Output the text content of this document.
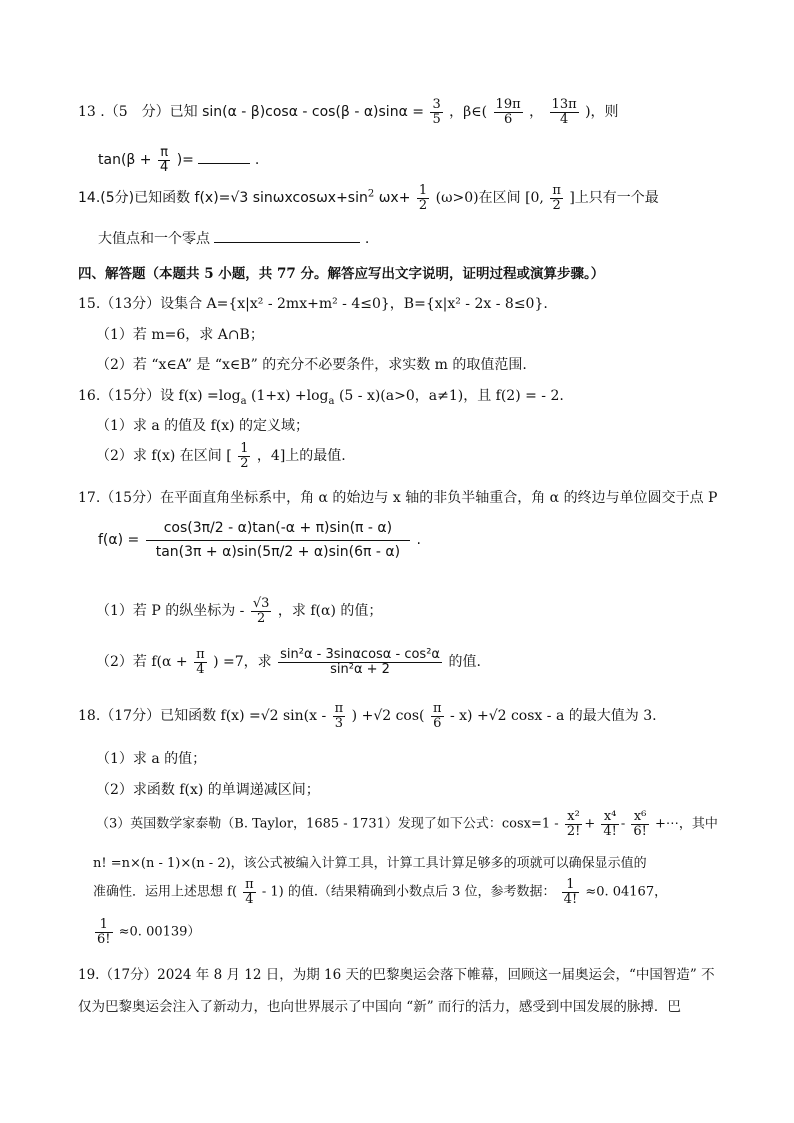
13 .（5　分）已知 $\sin(\alpha - \beta)\cos\alpha - \cos(\beta - \alpha)\sin\alpha = \frac{3}{5}$ ，β∈( $\frac{19\pi}{6}$ ， $\frac{13\pi}{4}$ )，则
$\tan(\beta + \frac{\pi}{4}$ )=	.
14.(5分)已知函数 f(x)=√3 $\sin\omega xcos\omega x+\sin^2$ $\omega x+ \frac{1}{2} (\omega>0)$在区间 [0, $\frac{\pi}{2}$ ]上只有一个最
大值点和一个零点	.
四、解答题（本题共 5 小题，共 77 分。解答应写出文字说明，证明过程或演算步骤。）
15.（13分）设集合 A={x|x² - 2mx+m² - 4≤0}，B={x|x² - 2x - 8≤0}.
（1）若 m=6，求 A∩B；
（2）若 “x∈A” 是 “x∈B” 的充分不必要条件，求实数 m 的取值范围.
16.（15分）设 $f(x) =\log_a$ $(1+x) +\log_a$ (5 - x)(a>0，a≠1)，且 f(2) = - 2.
（1）求 a 的值及 f(x) 的定义域；
（2）求 f(x) 在区间 [ $\frac{1}{2}$ ，4]上的最值.
17.（15分）在平面直角坐标系中，角 α 的始边与 x 轴的非负半轴重合，角 α 的终边与单位圆交于点 P
$f(\alpha) = \frac{\cos(3\pi/2 - \alpha)\tan(-\alpha + \pi)\sin(\pi - \alpha)}{\tan(3\pi + \alpha)\sin(5\pi/2 + \alpha)\sin(6\pi - \alpha)}$ .
（1）若 P 的纵坐标为 - $\frac{√3}{2}$ ，求 f(α) 的值；
（2）若 $f(\alpha + \frac{\pi}{4}$ ) =7，求 $\frac{\text{sin²α - 3sinαcosα - cos²α}}{\text{sin²α + 2}}$ 的值.
18.（17分）已知函数 f(x) =√2 $\sin(x - \frac{\pi}{3}$ ) +√2 $\cos( \frac{\pi}{6} - x) +√2$ cosx - a 的最大值为 3.
（1）求 a 的值；
（2）求函数 f(x) 的单调递减区间；
（3）英国数学家泰勒（B. Taylor，1685 - 1731）发现了如下公式：$\cos x=1 - \frac{\text{x²}}{2!} + \frac{\text{x⁴}}{4!} - \frac{\text{x⁶}}{6!}$ +⋯，其中
n! =n×(n - 1)×(n - 2)，该公式被编入计算工具，计算工具计算足够多的项就可以确保显示值的
准确性．运用上述思想 $f( \frac{\pi}{4} - 1)$ 的值.（结果精确到小数点后 3 位，参考数据： $\frac{1}{4!} \approx 0$. 04167，
$\frac{1}{6!} \approx 0$. 00139）
19.（17分）2024 年 8 月 12 日，为期 16 天的巴黎奥运会落下帷幕，回顾这一届奥运会，“中国智造” 不
仅为巴黎奥运会注入了新动力，也向世界展示了中国向 “新” 而行的活力，感受到中国发展的脉搏．巴
